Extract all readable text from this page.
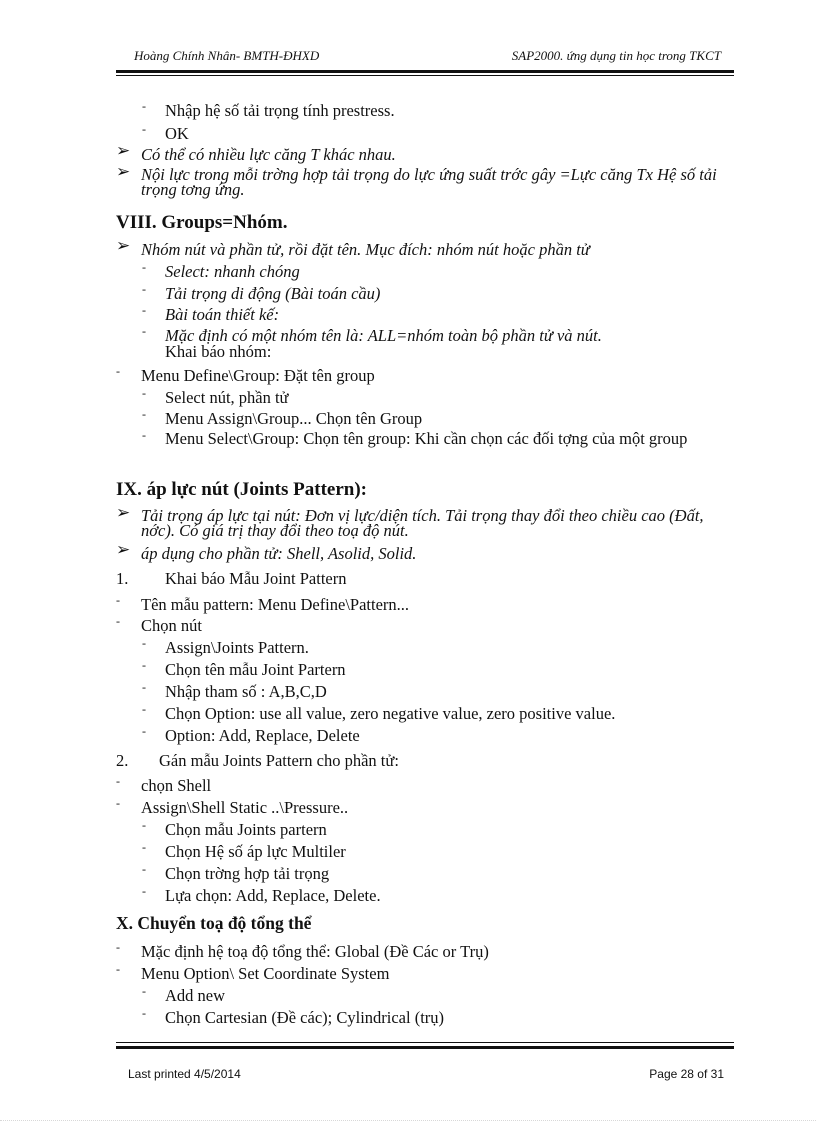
Hoàng Chính Nhân- BMTH-ĐHXD	SAP2000. ứng dụng tin học trong TKCT
- Nhập hệ số tải trọng tính prestress.
- OK
➢ Có thể có nhiều lực căng T khác nhau.
➢ Nội lực trong mỗi trờng hợp tải trọng do lực ứng suất trớc gây =Lực căng Tx Hệ số tải trọng tơng ứng.
VIII. Groups=Nhóm.
➢ Nhóm nút và phần tử, rồi đặt tên. Mục đích: nhóm nút hoặc phần tử
- Select: nhanh chóng
- Tải trọng di động (Bài toán cầu)
- Bài toán thiết kế:
- Mặc định có một nhóm tên là: ALL=nhóm toàn bộ phần tử và nút.
Khai báo nhóm:
- Menu Define\Group: Đặt tên group
- Select nút, phần tử
- Menu Assign\Group... Chọn tên Group
- Menu Select\Group: Chọn tên group: Khi cần chọn các đối tợng của một group
IX. áp lực nút (Joints Pattern):
➢ Tải trọng áp lực tại nút: Đơn vị lực/diện tích. Tải trọng thay đổi theo chiều cao (Đất, nớc). Có giá trị thay đổi theo toạ độ nút.
➢ áp dụng cho phần tử: Shell, Asolid, Solid.
1. Khai báo Mẫu Joint Pattern
- Tên mẫu pattern: Menu Define\Pattern...
- Chọn nút
- Assign\Joints Pattern.
- Chọn tên mẫu Joint Partern
- Nhập tham số : A,B,C,D
- Chọn Option: use all value, zero negative value, zero positive value.
- Option: Add, Replace, Delete
2. Gán mẫu Joints Pattern cho phần tử:
- chọn Shell
- Assign\Shell Static ..\Pressure..
- Chọn mẫu Joints partern
- Chọn Hệ số áp lực Multiler
- Chọn trờng hợp tải trọng
- Lựa chọn: Add, Replace, Delete.
X. Chuyển toạ độ tổng thể
- Mặc định hệ toạ độ tổng thể: Global (Đề Các or Trụ)
- Menu Option\ Set Coordinate System
- Add new
- Chọn Cartesian (Đề các); Cylindrical (trụ)
Last printed 4/5/2014	Page 28 of 31
